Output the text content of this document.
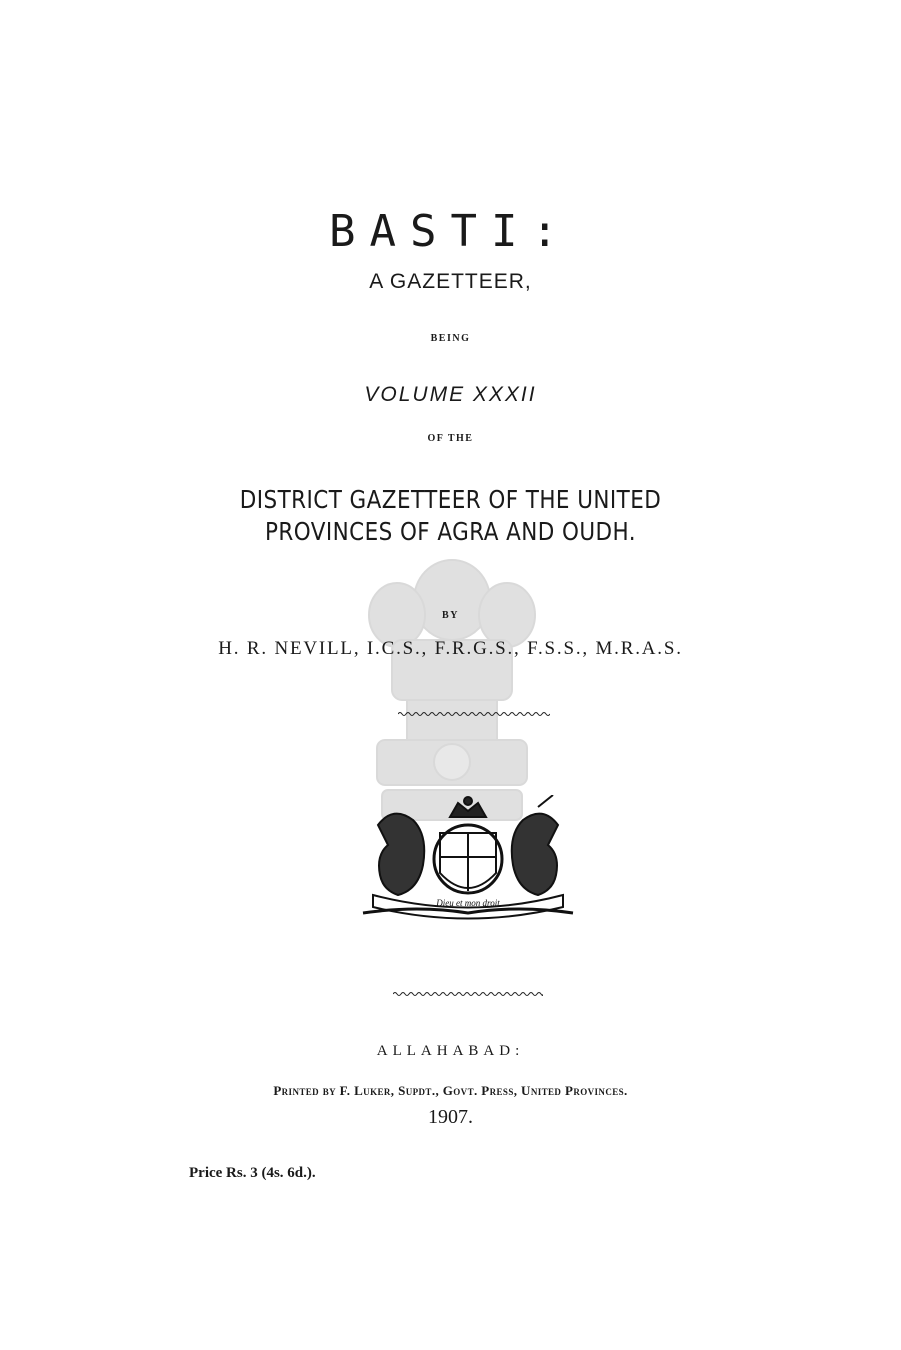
BASTI:
A GAZETTEER,
BEING
VOLUME XXXII
OF THE
DISTRICT GAZETTEER OF THE UNITED
PROVINCES OF AGRA AND OUDH.
BY
H. R. NEVILL, I.C.S., F.R.G.S., F.S.S., M.R.A.S.
Dieu et mon droit
ALLAHABAD:
Printed by F. Luker, Supdt., Govt. Press, United Provinces.
1907.
Price Rs. 3 (4s. 6d.).
